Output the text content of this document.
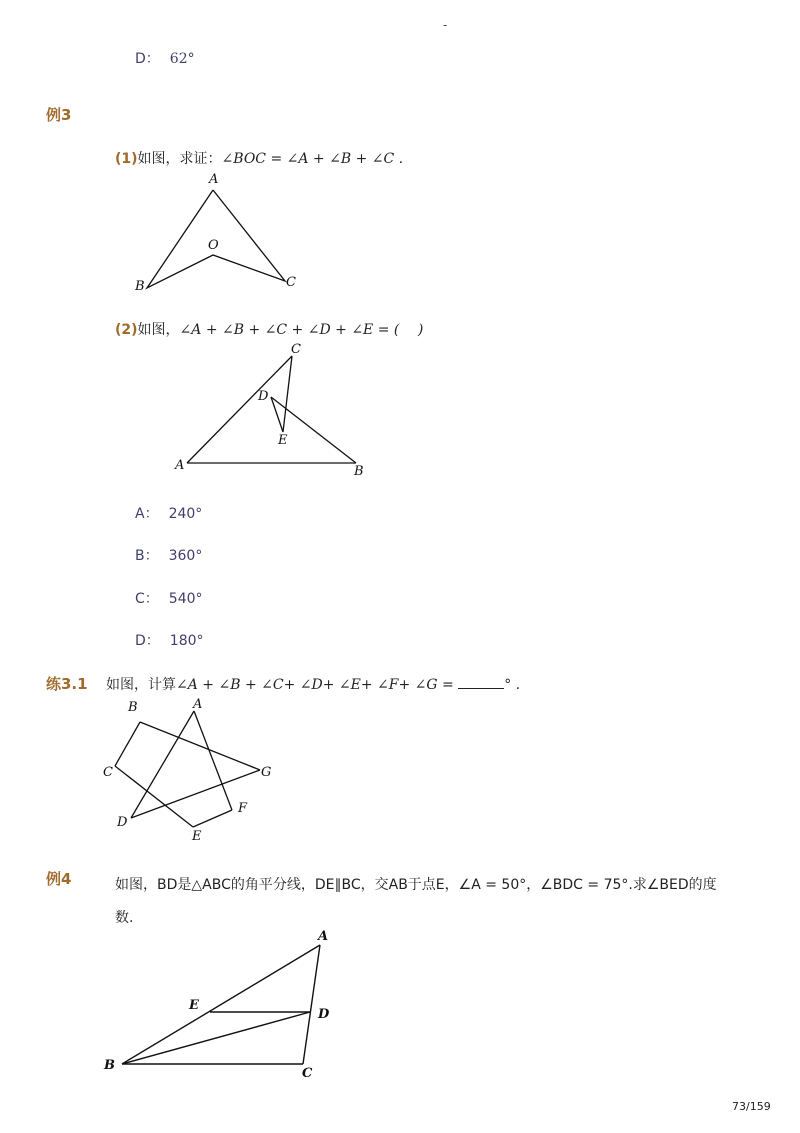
-
D： 62°
例3
(1)如图，求证：∠BOC = ∠A + ∠B + ∠C .
A
O
B	C
C
D
E
A	B
A
B
C
D
E
F
G
A
B
C
D
E
(2)如图，∠A + ∠B + ∠C + ∠D + ∠E = (　 )
A： 240°
B： 360°
C： 540°
D： 180°
练3.1 如图，计算∠A + ∠B + ∠C+ ∠D+ ∠E+ ∠F+ ∠G =	° .
例4	如图，BD是△ABC的角平分线，DE∥BC，交AB于点E，∠A = 50°，∠BDC = 75°.求∠BED的度
数.
73/159
